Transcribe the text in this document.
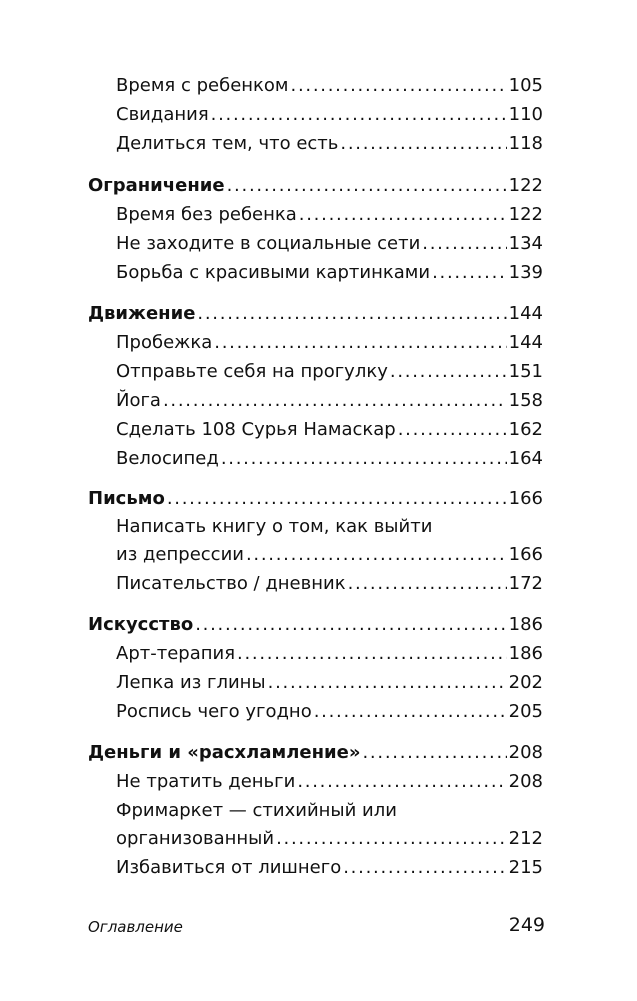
Время с ребенком . . .	105
Свидания . . .	110
Делиться тем, что есть . . .	118
Ограничение . . .	122
Время без ребенка . . .	122
Не заходите в социальные сети . . .	134
Борьба с красивыми картинками . . .	139
Движение . . .	144
Пробежка . . .	144
Отправьте себя на прогулку . . .	151
Йога . . .	158
Сделать 108 Сурья Намаскар . . .	162
Велосипед . . .	164
Письмо . . .	166
Написать книгу о том, как выйти
из депрессии . . .	166
Писательство / дневник . . .	172
Искусство . . .	186
Арт-терапия . . .	186
Лепка из глины . . .	202
Роспись чего угодно . . .	205
Деньги и «расхламление» . . .	208
Не тратить деньги . . .	208
Фримаркет — стихийный или
организованный . . .	212
Избавиться от лишнего . . .	215
Оглавление	249
